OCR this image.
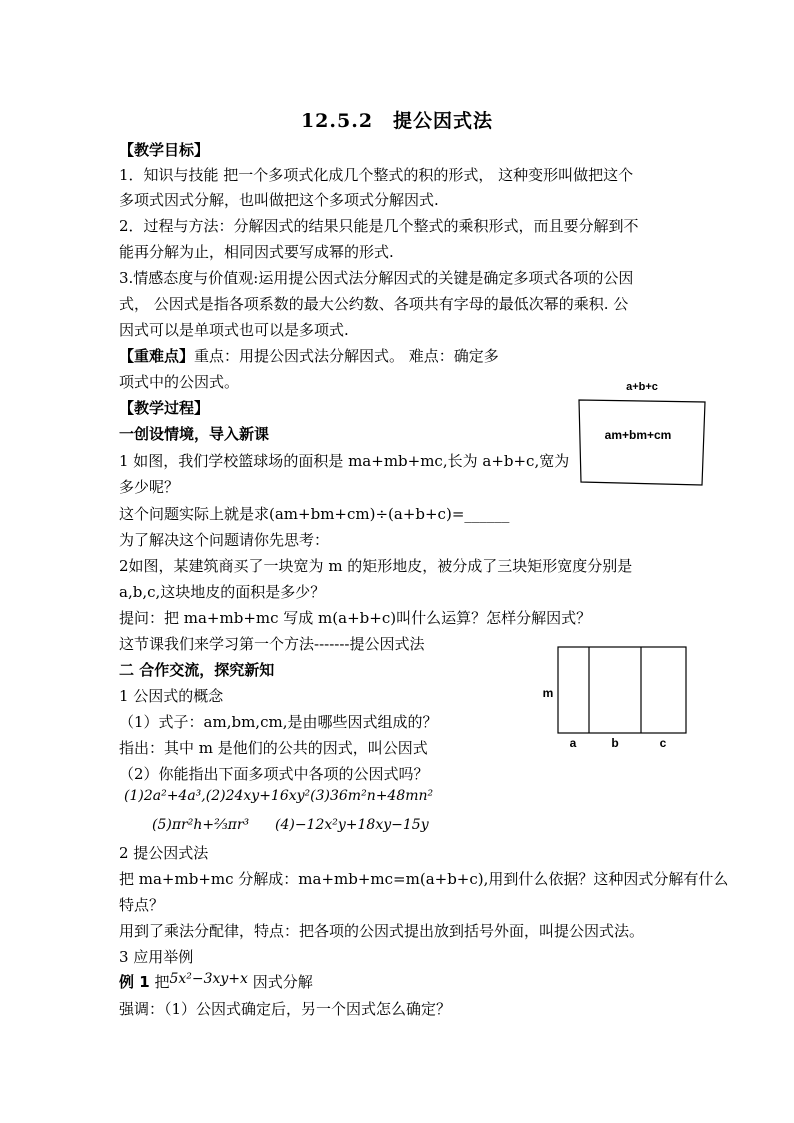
12.5.2　提公因式法

【教学目标】

1．知识与技能 把一个多项式化成几个整式的积的形式， 这种变形叫做把这个

多项式因式分解，也叫做把这个多项式分解因式.

2．过程与方法：分解因式的结果只能是几个整式的乘积形式，而且要分解到不

能再分解为止，相同因式要写成幂的形式.

3.情感态度与价值观:运用提公因式法分解因式的关键是确定多项式各项的公因

式， 公因式是指各项系数的最大公约数、各项共有字母的最低次幂的乘积. 公

因式可以是单项式也可以是多项式.

【重难点】重点：用提公因式法分解因式。 难点：确定多

项式中的公因式。

【教学过程】

一创设情境，导入新课

1 如图，我们学校篮球场的面积是 ma+mb+mc,长为 a+b+c,宽为

多少呢？

这个问题实际上就是求(am+bm+cm)÷(a+b+c)=______

为了解决这个问题请你先思考：

2如图，某建筑商买了一块宽为 m 的矩形地皮，被分成了三块矩形宽度分别是

a,b,c,这块地皮的面积是多少？

提问：把 ma+mb+mc 写成 m(a+b+c)叫什么运算？怎样分解因式？

这节课我们来学习第一个方法-------提公因式法

二 合作交流，探究新知

1 公因式的概念

（1）式子：am,bm,cm,是由哪些因式组成的？

指出：其中 m 是他们的公共的因式，叫公因式

（2）你能指出下面多项式中各项的公因式吗？

(1)2a²+4a³,(2)24xy+16xy²(3)36m²n+48mn²

(5)πr²h+⅔πr³ (4)−12x²y+18xy−15y

2 提公因式法

把 ma+mb+mc 分解成：ma+mb+mc=m(a+b+c),用到什么依据？这种因式分解有什么

特点？

用到了乘法分配律，特点：把各项的公因式提出放到括号外面，叫提公因式法。

3 应用举例

例 1 把5x²−3xy+x 因式分解

强调：（1）公因式确定后，另一个因式怎么确定？

a+b+c
am+bm+cm
m
a	b	c
